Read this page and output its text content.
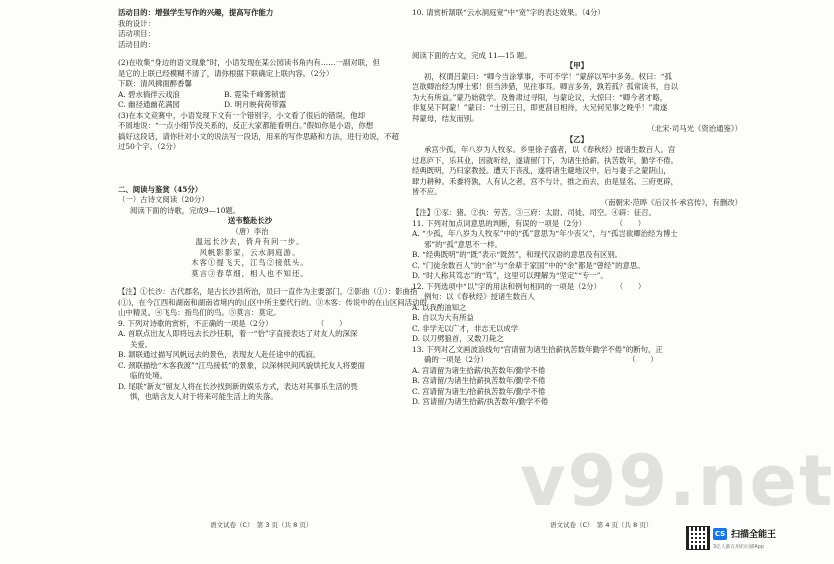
活动目的：增强学生写作的兴趣，提高写作能力
我的设计：
活动项目：
活动目的：
(2)在收集“身边的语文现象”时，小语发现在某公园读书角内有……一副对联，但
是它的上联已经模糊不清了，请你根据下联确定上联内容。（2分）
下联：清风拂面醉香馨
A. 碧水徜徉云戏浪　　　　　　B. 霓染千峰雾锁雷
C. 幽径通幽花满园　　　　　　D. 明月映荷荷带露
(3)在本文竞赛中，小语发现下文有一个错别字，小文看了很后的错误，他却
不屑地说：“一点小细节没关系的，反正大家都能看明白。”假如你是小语，你想
搞好这段话，请你针对小文的说法写一段话，用来的写作思路和方法，进行劝说，不超
过50个字。（2分）
二、阅读与鉴赏（45分）
（一）古诗文阅读（20分）
阅读下面的诗歌，完成9—10题。
送韦整赴长沙
（唐）李治
温远长沙去，倚舟有问一步。
风帆影影家，云水洞庭游。
木客①提飞天，江鸟②接低头。
莫言③春草细，相人也不知还。
【注】①长沙：古代郡名，是古长沙县所治，员曰一直作为主要部门。②影曲（①）：影曲指
(①)，在今江西和湖南和湖南省境内的山区中所主要代行的。③木客：传说中的在山区间活动的
山中精灵。④飞鸟：指鸟们的鸟。⑤莫言：莫定。
9. 下列对诗歌的赏析，不正确的一项是（2分）　　　　　　　（　　）
A. 首联点出友人即将远去长沙任职，着一“恰”字直接表达了对友人的深深
关爱。
B. 颔联通过描写风帆远去的景色，表现友人赴任途中的孤寂。
C. 颈联描绘“木客我渡”“江鸟接低”的景象，以深林民间风貌烘托友人将要面
临的处境。
D. 尾联“新友”留友人将在长沙找到新的娱乐方式，表达对其事乐生活的畏
惧，也暗含友人对于将来可能生活上的失落。
语文试卷（C）　第 3 页（共 8 页）
10. 请赏析颔联“云水洞庭宽”中“宽”字的表达效果。（4分）
阅读下面的古文，完成 11—15 题。
【甲】
初，权谓吕蒙曰：“卿今当涂掌事，不可不学！”蒙辞以军中多务。权曰：“孤
岂欲卿治经为博士邪！但当涉猎，见往事耳。卿言多务，孰若孤？孤常读书，自以
为大有所益。”蒙乃始就学。及鲁肃过寻阳，与蒙论议，大惊曰：“卿今者才略，
非复吴下阿蒙！”蒙曰：“士别三日，即更刮目相待，大兄何见事之晚乎！”肃遂
拜蒙母，结友而别。
（北宋·司马光《资治通鉴》）
【乙】
承宫少孤，年八岁为人牧豕。乡里徐子盛者，以《春秋经》授诸生数百人。宫
过息庐下，乐其业，因就听经，遂请留门下，为诸生拾薪。执苦数年，勤学不倦。
经典既明，乃归家教授。遭天下丧乱，遂将诸生避地汉中，后与妻子之蒙阴山，
肆力耕种。禾黍将孰，人有认之者，宫不与计，推之而去，由是显名。三府更辟，
皆不应。
（南朝宋·范晔《后汉书·承宫传》，有删改）
【注】①豕：猪。②执：劳苦。③三府：太尉、司徒、司空。④辟：征召。
11. 下列对加点词意思的判断，有误的一项是（2分）　　　　　（　　）
A. “少孤，年八岁为人牧豕”中的“孤”意思为“年少丧父”，与“孤岂欲卿治经为博士
邪”的“孤”意思不一样。
B. “经典既明”的“既”表示“既然”，和现代汉语的意思没有区别。
C. “门徒余数百人”的“余”与“余辈于家国”中的“余”都是“曾经”的意思。
D. “时人称其笃志”的“笃”，这里可以理解为“坚定”“专一”。
12. 下列选项中“以”字的用法和例句相同的一项是（2分）　　　（　　）
例句：以《春秋经》授诸生数百人
A. 以我酌油知之
B. 自以为大有所益
C. 非学无以广才，非志无以成学
D. 以刀劈狼首，又数刀毙之
13. 下列对乙文画波浪线句“宫请留为诸生拾薪执苦数年勤学不倦”的断句，正
确的一项是（2分）　　　　　　　　　　　　　　　　　　　　（　　）
A. 宫请留为诸生拾薪/执苦数年/勤学不倦
B. 宫请留/为诸生拾薪执苦数年/勤学不倦
C. 宫请留为诸生/拾薪执苦数年/勤学不倦
D. 宫请留/为诸生拾薪/执苦数年/勤学不倦
语文试卷（C）　第 4 页（共 8 页）
v99.net
CS 扫描全能王
3亿人都在用的扫描App
